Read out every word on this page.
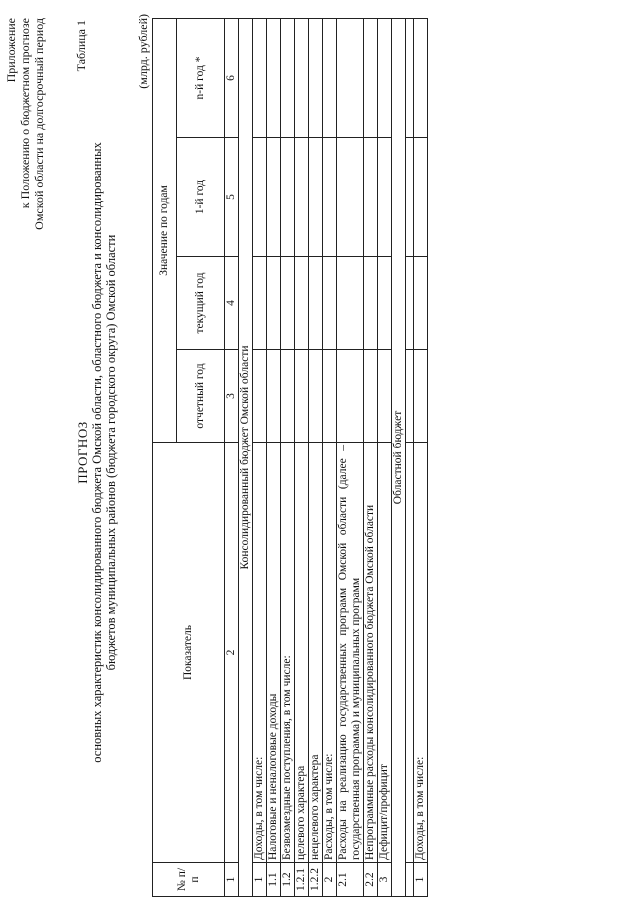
Приложение к Положению о бюджетном прогнозе Омской области на долгосрочный период Таблица 1
ПРОГНОЗ основных характеристик консолидированного бюджета Омской области, областного бюджета и консолидированных бюджетов муниципальных районов (бюджета городского округа) Омской области
(млрд. рублей)
№ п/п	Показатель	Значение по годам			
		отчетный год	текущий год	1-й год	n-й год *
1	2	3	4	5	6
Консолидированный бюджет Омской области					
1	Доходы, в том числе:				
1.1	Налоговые и неналоговые доходы				
1.2	Безвозмездные поступления, в том числе:				
1.2.1	целевого характера				
1.2.2	нецелевого характера				
2	Расходы, в том числе:				
2.1	Расходы на реализацию государственных программ Омской области (далее – государственная программа) и муниципальных программ				
2.2	Непрограммные расходы консолидированного бюджета Омской области				
3	Дефицит/профицит				
Областной бюджет					

1	Доходы, в том числе:				
